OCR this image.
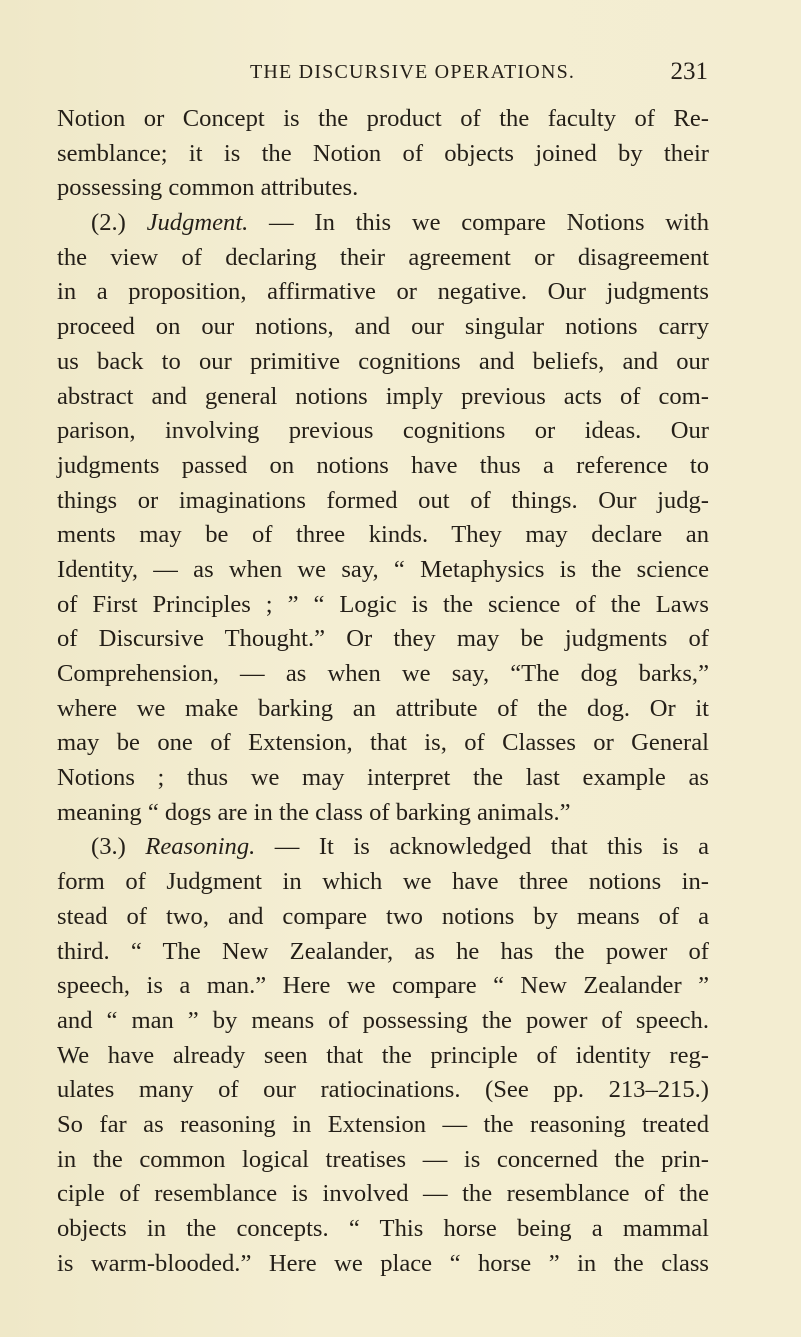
THE DISCURSIVE OPERATIONS.	231
Notion or Concept is the product of the faculty of Re-
semblance; it is the Notion of objects joined by their
possessing common attributes.
(2.) Judgment. — In this we compare Notions with
the view of declaring their agreement or disagreement
in a proposition, affirmative or negative. Our judgments
proceed on our notions, and our singular notions carry
us back to our primitive cognitions and beliefs, and our
abstract and general notions imply previous acts of com-
parison, involving previous cognitions or ideas. Our
judgments passed on notions have thus a reference to
things or imaginations formed out of things. Our judg-
ments may be of three kinds. They may declare an
Identity, — as when we say, “ Metaphysics is the science
of First Principles ; ” “ Logic is the science of the Laws
of Discursive Thought.” Or they may be judgments of
Comprehension, — as when we say, “The dog barks,”
where we make barking an attribute of the dog. Or it
may be one of Extension, that is, of Classes or General
Notions ; thus we may interpret the last example as
meaning “ dogs are in the class of barking animals.”
(3.) Reasoning. — It is acknowledged that this is a
form of Judgment in which we have three notions in-
stead of two, and compare two notions by means of a
third. “ The New Zealander, as he has the power of
speech, is a man.” Here we compare “ New Zealander ”
and “ man ” by means of possessing the power of speech.
We have already seen that the principle of identity reg-
ulates many of our ratiocinations. (See pp. 213–215.)
So far as reasoning in Extension — the reasoning treated
in the common logical treatises — is concerned the prin-
ciple of resemblance is involved — the resemblance of the
objects in the concepts. “ This horse being a mammal
is warm-blooded.” Here we place “ horse ” in the class
